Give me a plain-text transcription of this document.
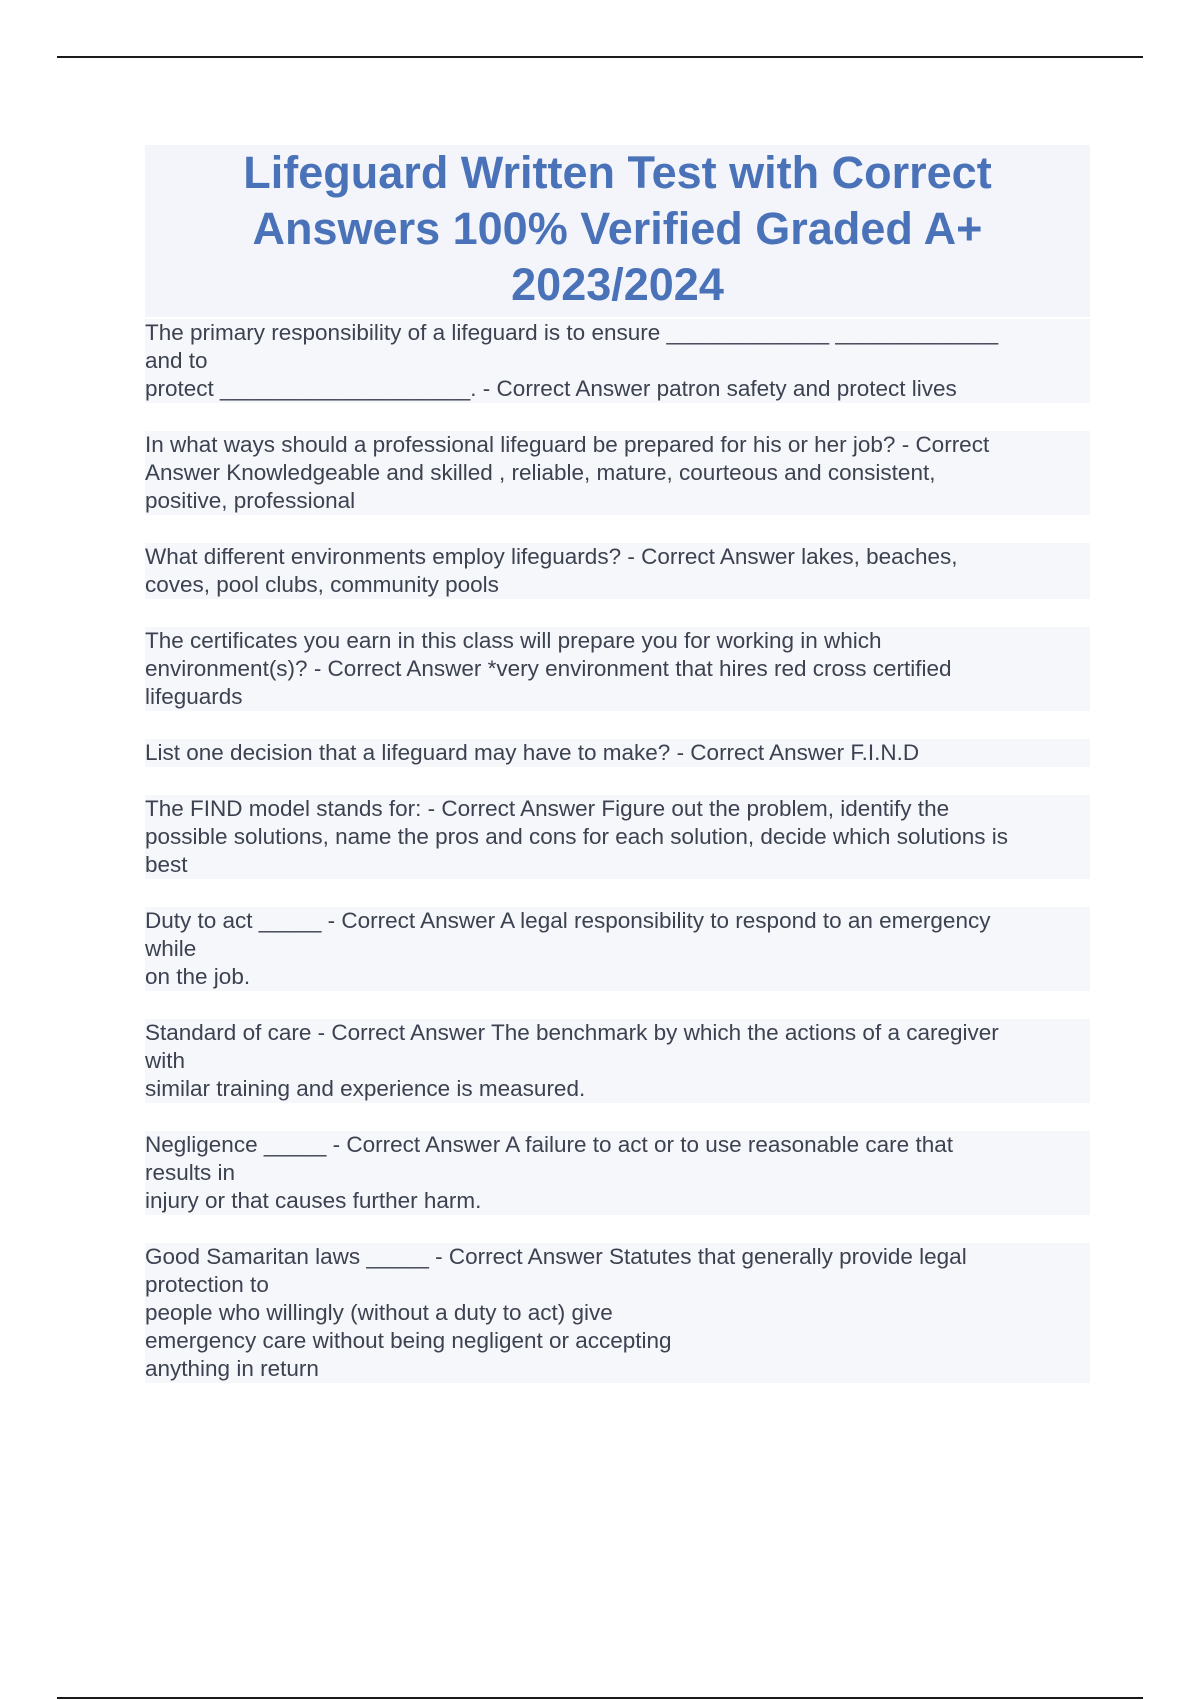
Lifeguard Written Test with Correct
Answers 100% Verified Graded A+
2023/2024
The primary responsibility of a lifeguard is to ensure _____________ _____________
and to
protect ____________________. - Correct Answer patron safety and protect lives
In what ways should a professional lifeguard be prepared for his or her job? - Correct
Answer Knowledgeable and skilled , reliable, mature, courteous and consistent,
positive, professional
What different environments employ lifeguards? - Correct Answer lakes, beaches,
coves, pool clubs, community pools
The certificates you earn in this class will prepare you for working in which
environment(s)? - Correct Answer *very environment that hires red cross certified
lifeguards
List one decision that a lifeguard may have to make? - Correct Answer F.I.N.D
The FIND model stands for: - Correct Answer Figure out the problem, identify the
possible solutions, name the pros and cons for each solution, decide which solutions is
best
Duty to act _____ - Correct Answer A legal responsibility to respond to an emergency
while
on the job.
Standard of care - Correct Answer The benchmark by which the actions of a caregiver
with
similar training and experience is measured.
Negligence _____ - Correct Answer A failure to act or to use reasonable care that
results in
injury or that causes further harm.
Good Samaritan laws _____ - Correct Answer Statutes that generally provide legal
protection to
people who willingly (without a duty to act) give
emergency care without being negligent or accepting
anything in return
